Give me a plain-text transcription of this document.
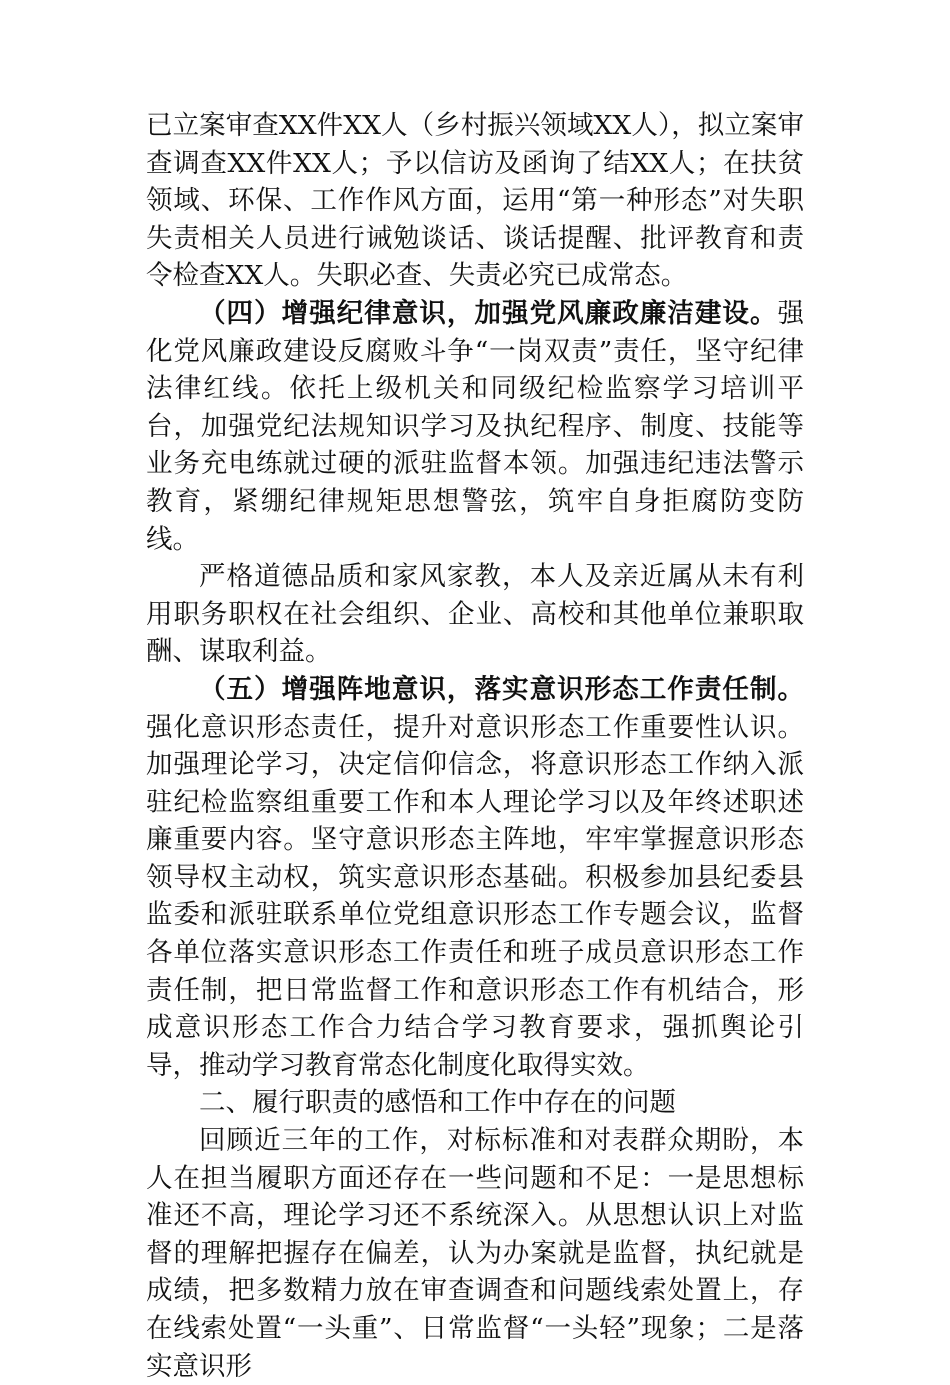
已立案审查XX件XX人（乡村振兴领域XX人），拟立案审查调查XX件XX人；予以信访及函询了结XX人；在扶贫领域、环保、工作作风方面，运用“第一种形态”对失职失责相关人员进行诫勉谈话、谈话提醒、批评教育和责令检查XX人。失职必查、失责必究已成常态。

（四）增强纪律意识，加强党风廉政廉洁建设。强化党风廉政建设反腐败斗争“一岗双责”责任，坚守纪律法律红线。依托上级机关和同级纪检监察学习培训平台，加强党纪法规知识学习及执纪程序、制度、技能等业务充电练就过硬的派驻监督本领。加强违纪违法警示教育，紧绷纪律规矩思想警弦，筑牢自身拒腐防变防线。

严格道德品质和家风家教，本人及亲近属从未有利用职务职权在社会组织、企业、高校和其他单位兼职取酬、谋取利益。

（五）增强阵地意识，落实意识形态工作责任制。强化意识形态责任，提升对意识形态工作重要性认识。加强理论学习，决定信仰信念，将意识形态工作纳入派驻纪检监察组重要工作和本人理论学习以及年终述职述廉重要内容。坚守意识形态主阵地，牢牢掌握意识形态领导权主动权，筑实意识形态基础。积极参加县纪委县监委和派驻联系单位党组意识形态工作专题会议，监督各单位落实意识形态工作责任和班子成员意识形态工作责任制，把日常监督工作和意识形态工作有机结合，形成意识形态工作合力结合学习教育要求，强抓舆论引导，推动学习教育常态化制度化取得实效。

二、履行职责的感悟和工作中存在的问题

回顾近三年的工作，对标标准和对表群众期盼，本人在担当履职方面还存在一些问题和不足：一是思想标准还不高，理论学习还不系统深入。从思想认识上对监督的理解把握存在偏差，认为办案就是监督，执纪就是成绩，把多数精力放在审查调查和问题线索处置上，存在线索处置“一头重”、日常监督“一头轻”现象；二是落实意识形
